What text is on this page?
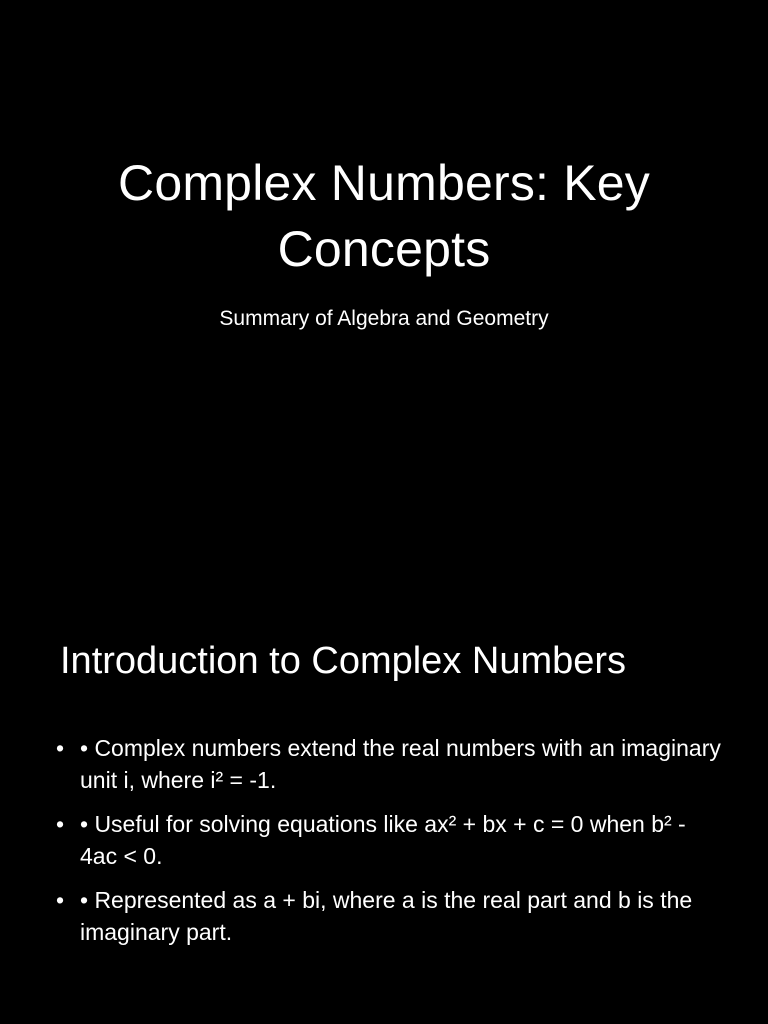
Complex Numbers: Key Concepts

Summary of Algebra and Geometry

Introduction to Complex Numbers
• • Complex numbers extend the real numbers with an imaginary unit i, where i² = -1.
• • Useful for solving equations like ax² + bx + c = 0 when b² - 4ac < 0.
• • Represented as a + bi, where a is the real part and b is the imaginary part.
